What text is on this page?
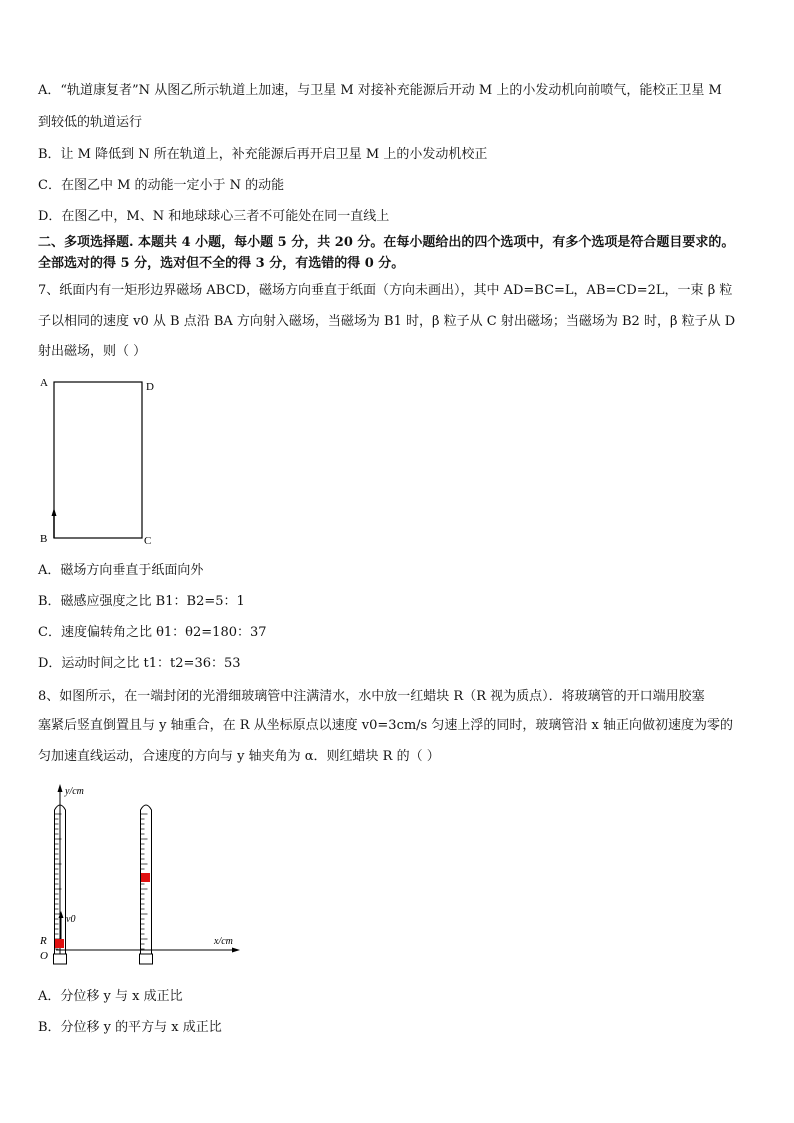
A．“轨道康复者”N 从图乙所示轨道上加速，与卫星 M 对接补充能源后开动 M 上的小发动机向前喷气，能校正卫星 M
到较低的轨道运行
B．让 M 降低到 N 所在轨道上，补充能源后再开启卫星 M 上的小发动机校正
C．在图乙中 M 的动能一定小于 N 的动能
D．在图乙中，M、N 和地球球心三者不可能处在同一直线上
二、多项选择题. 本题共 4 小题，每小题 5 分，共 20 分。在每小题给出的四个选项中，有多个选项是符合题目要求的。
全部选对的得 5 分，选对但不全的得 3 分，有选错的得 0 分。
7、纸面内有一矩形边界磁场 ABCD，磁场方向垂直于纸面（方向未画出），其中 AD=BC=L，AB=CD=2L，一束 β 粒
子以相同的速度 v0 从 B 点沿 BA 方向射入磁场，当磁场为 B1 时，β 粒子从 C 射出磁场；当磁场为 B2 时，β 粒子从 D
射出磁场，则（ ）
A	D
B	C
A．磁场方向垂直于纸面向外
B．磁感应强度之比 B1：B2=5：1
C．速度偏转角之比 θ1：θ2=180：37
D．运动时间之比 t1：t2=36：53
8、如图所示，在一端封闭的光滑细玻璃管中注满清水，水中放一红蜡块 R（R 视为质点）．将玻璃管的开口端用胶塞
塞紧后竖直倒置且与 y 轴重合，在 R 从坐标原点以速度 v0=3cm/s 匀速上浮的同时，玻璃管沿 x 轴正向做初速度为零的
匀加速直线运动，合速度的方向与 y 轴夹角为 α．则红蜡块 R 的（ ）
y/cm
x/cm
v0
R
O
A．分位移 y 与 x 成正比
B．分位移 y 的平方与 x 成正比
